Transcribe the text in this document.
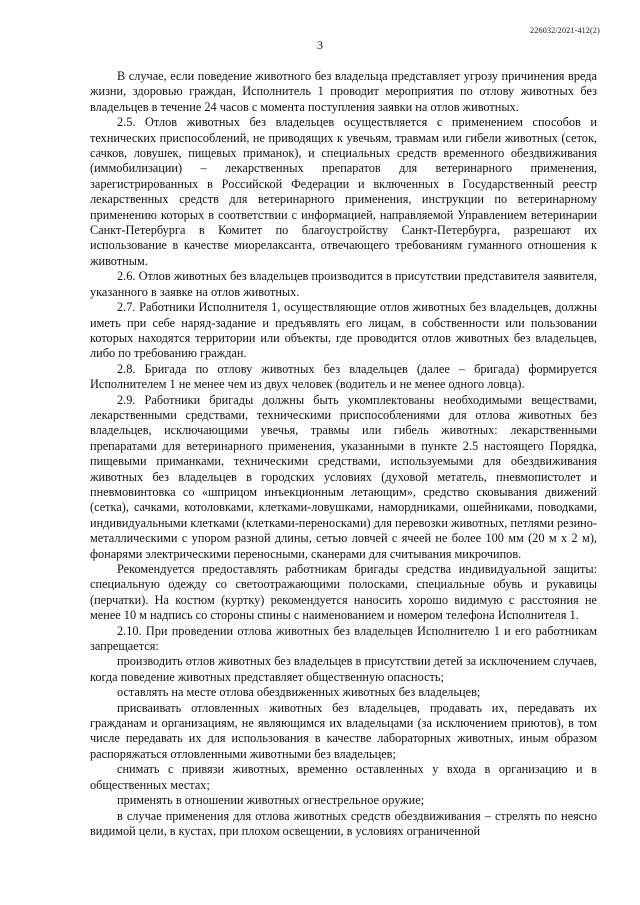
226032/2021-412(2)
3

В случае, если поведение животного без владельца представляет угрозу причинения вреда жизни, здоровью граждан, Исполнитель 1 проводит мероприятия по отлову животных без владельцев в течение 24 часов с момента поступления заявки на отлов животных.

2.5. Отлов животных без владельцев осуществляется с применением способов и технических приспособлений, не приводящих к увечьям, травмам или гибели животных (сеток, сачков, ловушек, пищевых приманок), и специальных средств временного обездвиживания (иммобилизации) – лекарственных препаратов для ветеринарного применения, зарегистрированных в Российской Федерации и включенных в Государственный реестр лекарственных средств для ветеринарного применения, инструкции по ветеринарному применению которых в соответствии с информацией, направляемой Управлением ветеринарии Санкт-Петербурга в Комитет по благоустройству Санкт-Петербурга, разрешают их использование в качестве миорелаксанта, отвечающего требованиям гуманного отношения к животным.

2.6. Отлов животных без владельцев производится в присутствии представителя заявителя, указанного в заявке на отлов животных.

2.7. Работники Исполнителя 1, осуществляющие отлов животных без владельцев, должны иметь при себе наряд-задание и предъявлять его лицам, в собственности или пользовании которых находятся территории или объекты, где проводится отлов животных без владельцев, либо по требованию граждан.

2.8. Бригада по отлову животных без владельцев (далее – бригада) формируется Исполнителем 1 не менее чем из двух человек (водитель и не менее одного ловца).

2.9. Работники бригады должны быть укомплектованы необходимыми веществами, лекарственными средствами, техническими приспособлениями для отлова животных без владельцев, исключающими увечья, травмы или гибель животных: лекарственными препаратами для ветеринарного применения, указанными в пункте 2.5 настоящего Порядка, пищевыми приманками, техническими средствами, используемыми для обездвиживания животных без владельцев в городских условиях (духовой метатель, пневмопистолет и пневмовинтовка со «шприцом инъекционным летающим», средство сковывания движений (сетка), сачками, котоловками, клетками-ловушками, намордниками, ошейниками, поводками, индивидуальными клетками (клетками-переносками) для перевозки животных, петлями резино-металлическими с упором разной длины, сетью ловчей с ячеей не более 100 мм (20 м х 2 м), фонарями электрическими переносными, сканерами для считывания микрочипов.

Рекомендуется предоставлять работникам бригады средства индивидуальной защиты: специальную одежду со светоотражающими полосками, специальные обувь и рукавицы (перчатки). На костюм (куртку) рекомендуется наносить хорошо видимую с расстояния не менее 10 м надпись со стороны спины с наименованием и номером телефона Исполнителя 1.

2.10. При проведении отлова животных без владельцев Исполнителю 1 и его работникам запрещается:

производить отлов животных без владельцев в присутствии детей за исключением случаев, когда поведение животных представляет общественную опасность;

оставлять на месте отлова обездвиженных животных без владельцев;

присваивать отловленных животных без владельцев, продавать их, передавать их гражданам и организациям, не являющимся их владельцами (за исключением приютов), в том числе передавать их для использования в качестве лабораторных животных, иным образом распоряжаться отловленными животными без владельцев;

снимать с привязи животных, временно оставленных у входа в организацию и в общественных местах;

применять в отношении животных огнестрельное оружие;

в случае применения для отлова животных средств обездвиживания – стрелять по неясно видимой цели, в кустах, при плохом освещении, в условиях ограниченной
